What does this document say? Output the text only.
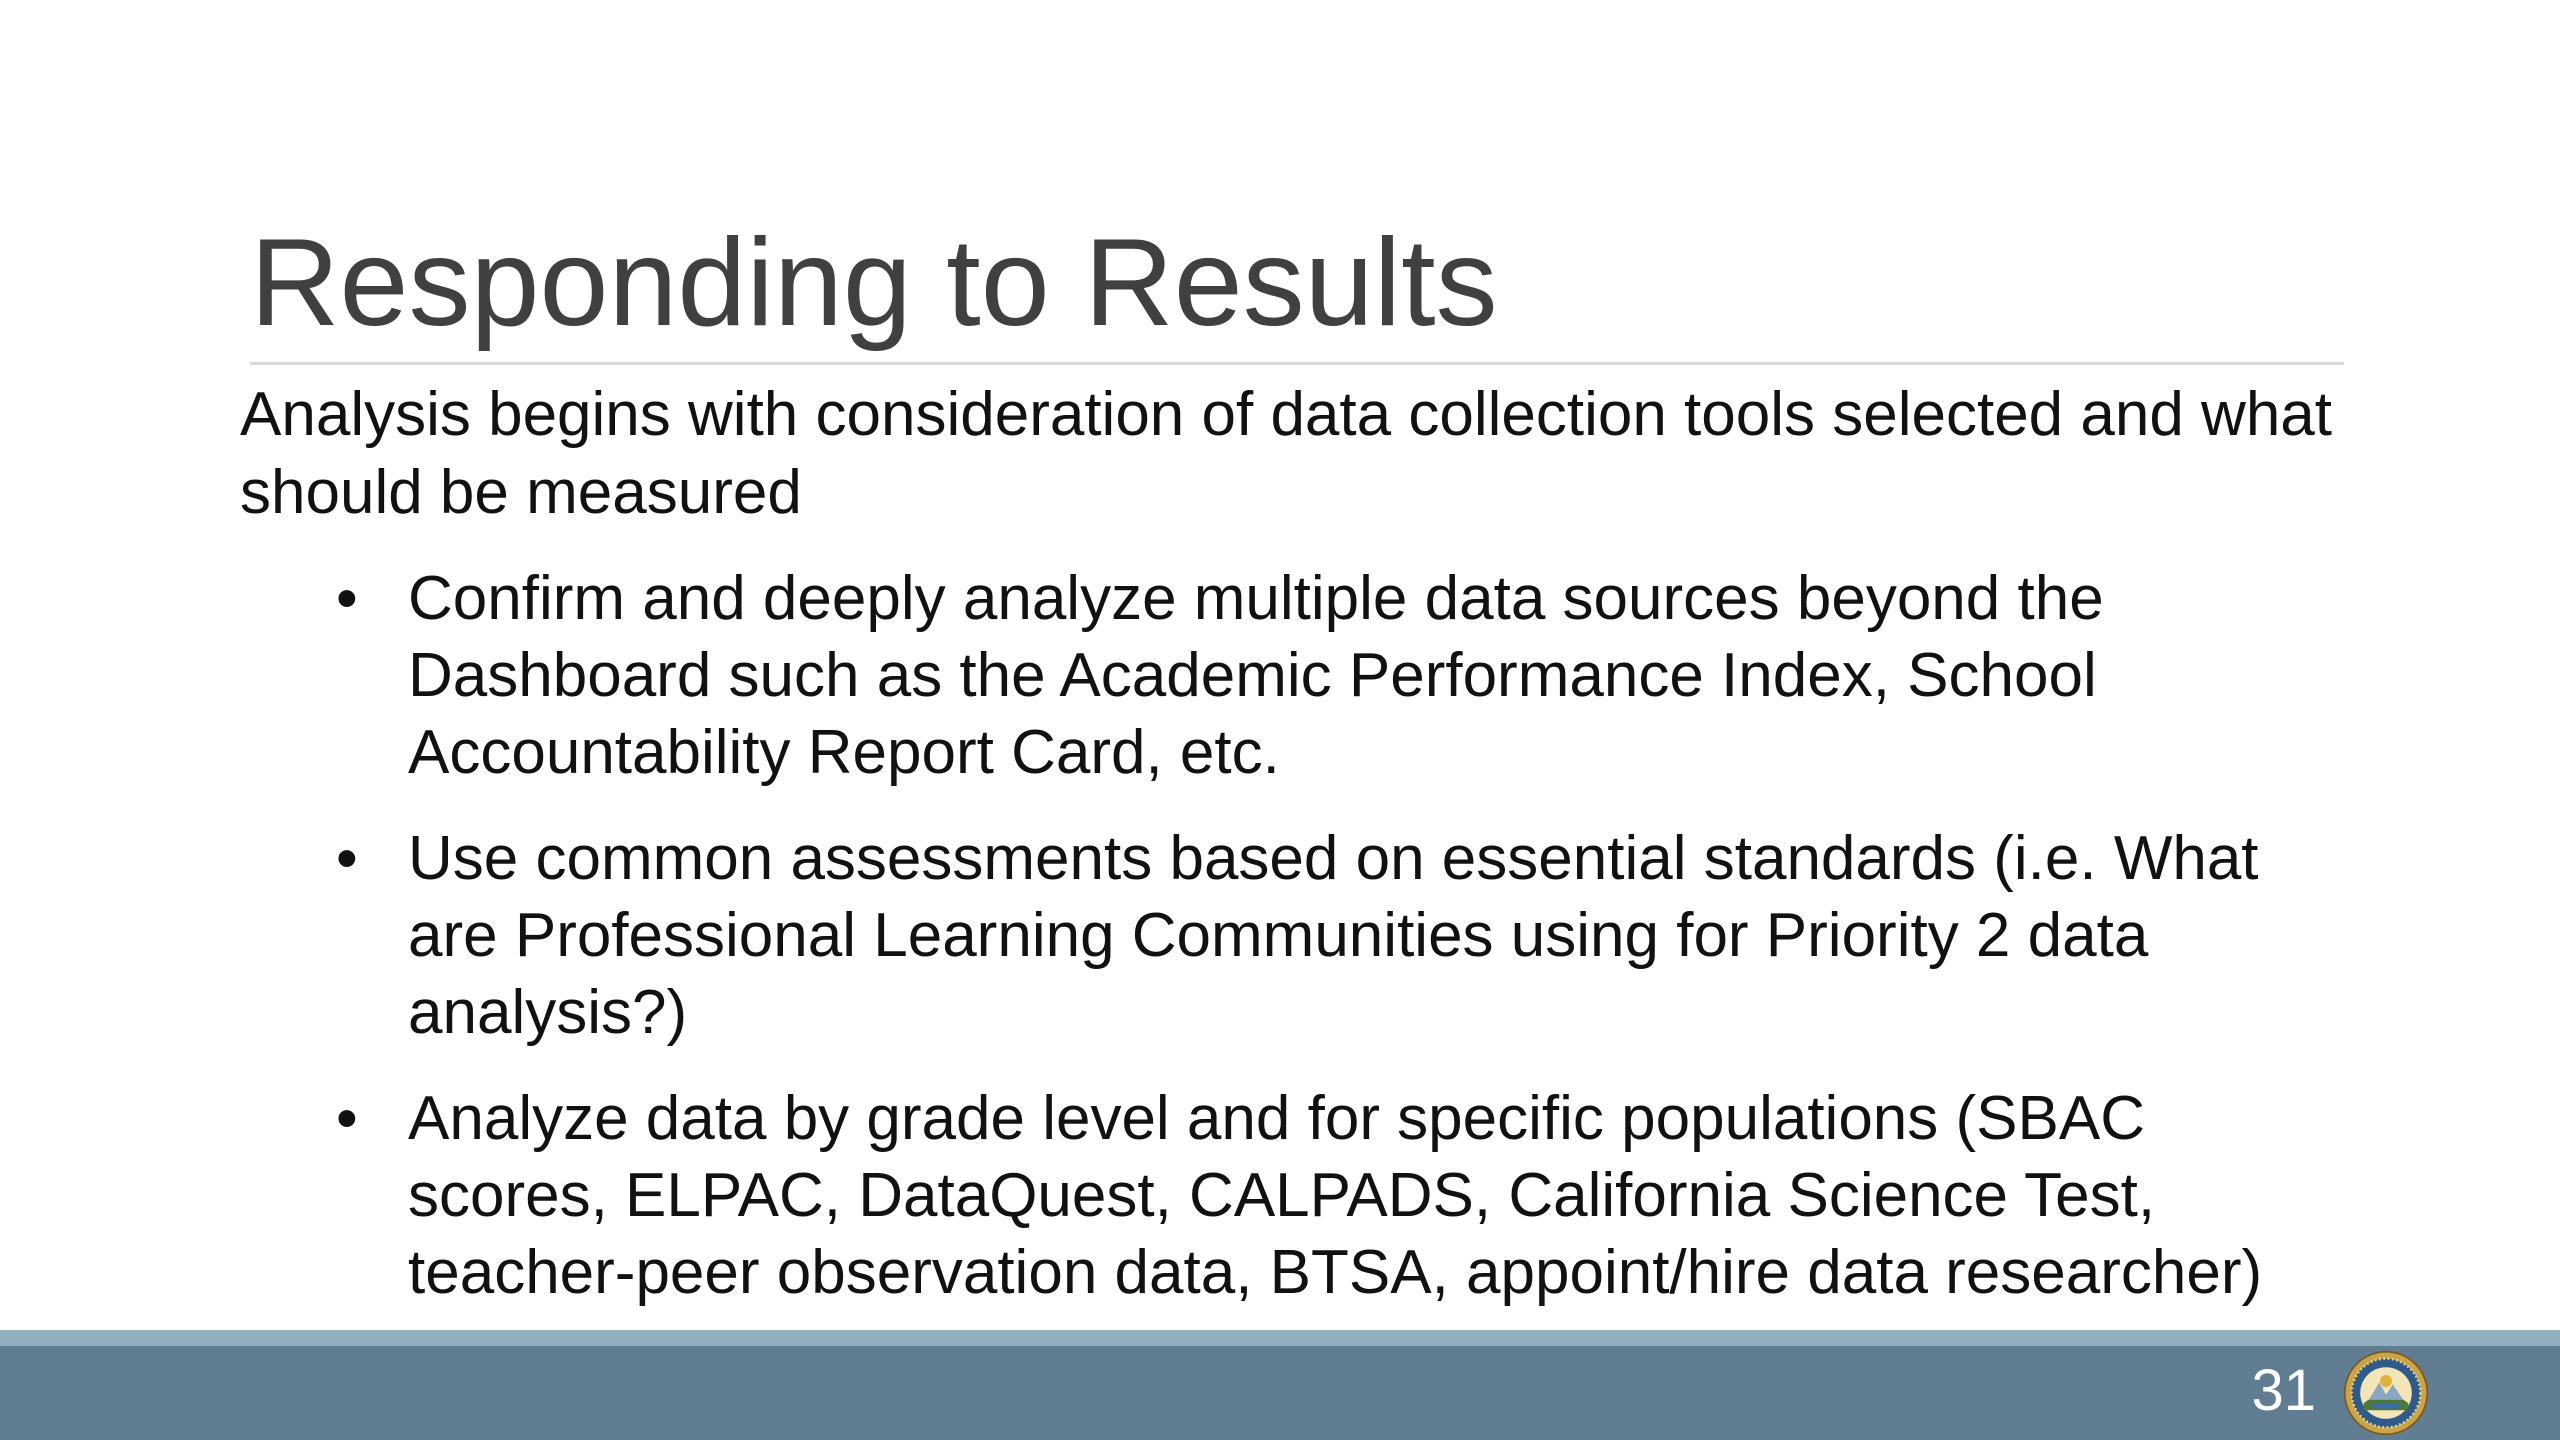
Responding to Results

Analysis begins with consideration of data collection tools selected and what should be measured

• Confirm and deeply analyze multiple data sources beyond the Dashboard such as the Academic Performance Index, School Accountability Report Card, etc.
• Use common assessments based on essential standards (i.e. What are Professional Learning Communities using for Priority 2 data analysis?)
• Analyze data by grade level and for specific populations (SBAC scores, ELPAC, DataQuest, CALPADS, California Science Test, teacher-peer observation data, BTSA, appoint/hire data researcher)
31
